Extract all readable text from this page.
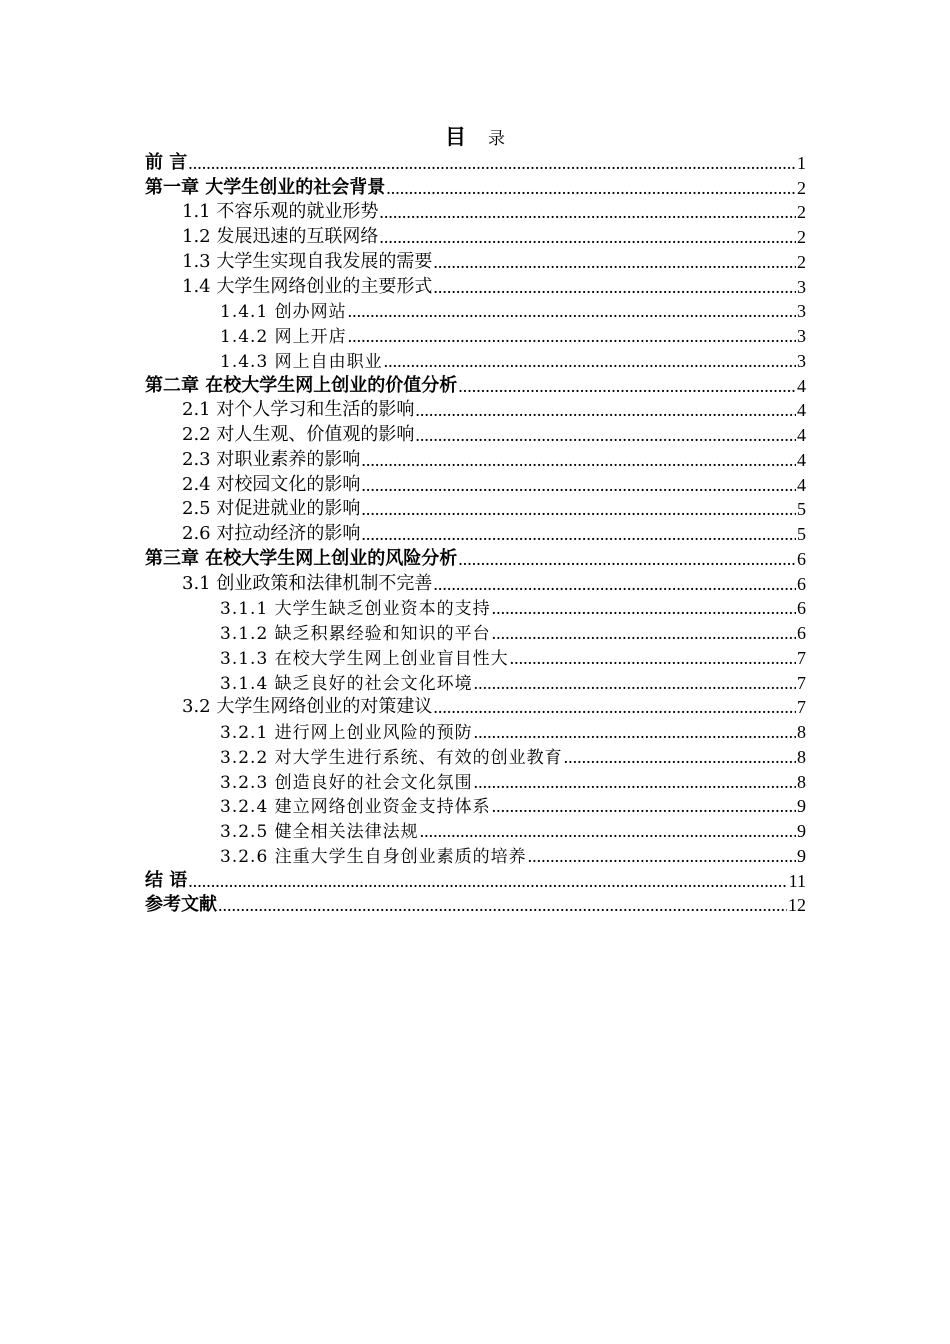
目 录
前 言 .....	1
第一章 大学生创业的社会背景 .....	2
1.1 不容乐观的就业形势 .....	2
1.2 发展迅速的互联网络 .....	2
1.3 大学生实现自我发展的需要 .....	2
1.4 大学生网络创业的主要形式 .....	3
1.4.1 创办网站 .....	3
1.4.2 网上开店 .....	3
1.4.3 网上自由职业 .....	3
第二章 在校大学生网上创业的价值分析 .....	4
2.1 对个人学习和生活的影响 .....	4
2.2 对人生观、价值观的影响 .....	4
2.3 对职业素养的影响 .....	4
2.4 对校园文化的影响 .....	4
2.5 对促进就业的影响 .....	5
2.6 对拉动经济的影响 .....	5
第三章 在校大学生网上创业的风险分析 .....	6
3.1 创业政策和法律机制不完善 .....	6
3.1.1 大学生缺乏创业资本的支持 .....	6
3.1.2 缺乏积累经验和知识的平台 .....	6
3.1.3 在校大学生网上创业盲目性大 .....	7
3.1.4 缺乏良好的社会文化环境 .....	7
3.2 大学生网络创业的对策建议 .....	7
3.2.1 进行网上创业风险的预防 .....	8
3.2.2 对大学生进行系统、有效的创业教育 .....	8
3.2.3 创造良好的社会文化氛围 .....	8
3.2.4 建立网络创业资金支持体系 .....	9
3.2.5 健全相关法律法规 .....	9
3.2.6 注重大学生自身创业素质的培养 .....	9
结 语 .....	11
参考文献 .....	12
